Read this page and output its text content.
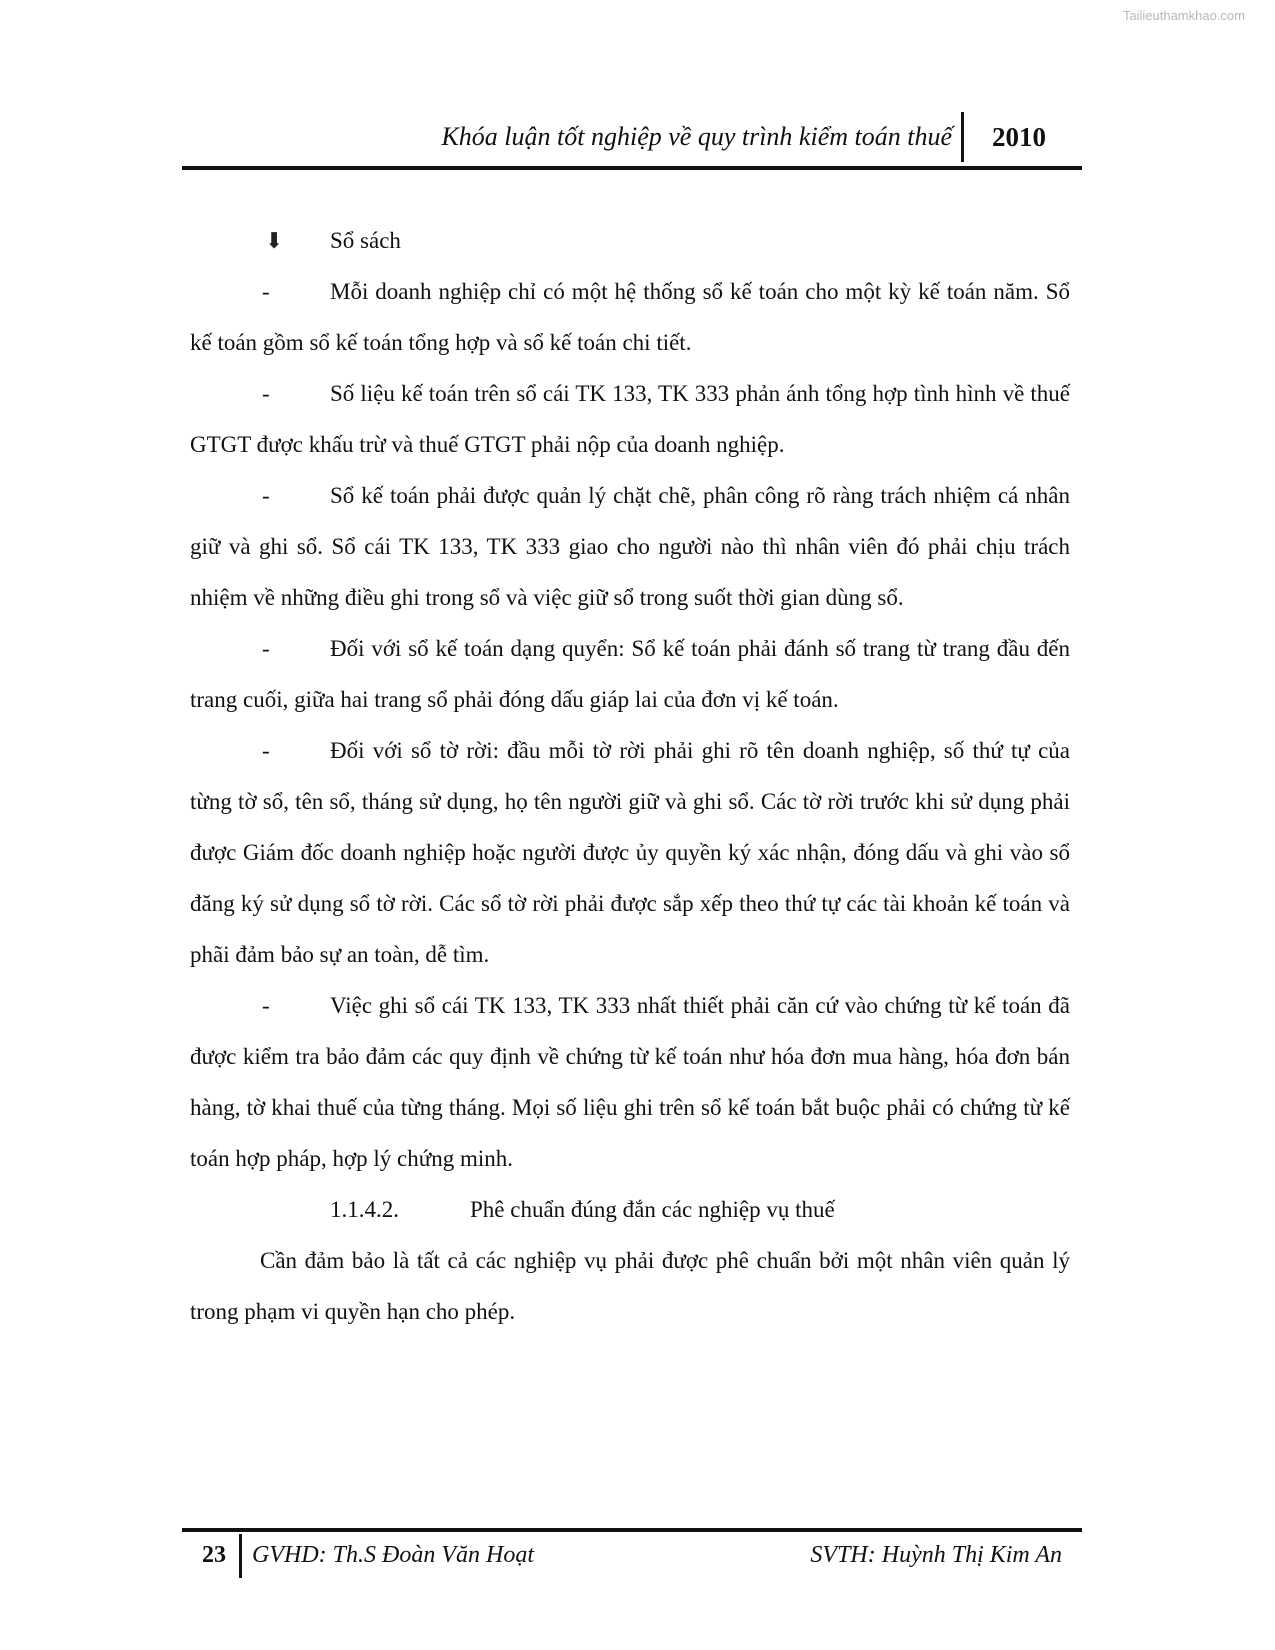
Tailieuthamkhao.com
Khóa luận tốt nghiệp về quy trình kiểm toán thuế 2010

⬇ Sổ sách

-	Mỗi doanh nghiệp chỉ có một hệ thống sổ kế toán cho một kỳ kế toán năm. Sổ kế toán gồm sổ kế toán tổng hợp và sổ kế toán chi tiết.

-	Số liệu kế toán trên sổ cái TK 133, TK 333 phản ánh tổng hợp tình hình về thuế GTGT được khấu trừ và thuế GTGT phải nộp của doanh nghiệp.

-	Sổ kế toán phải được quản lý chặt chẽ, phân công rõ ràng trách nhiệm cá nhân giữ và ghi sổ. Sổ cái TK 133, TK 333 giao cho người nào thì nhân viên đó phải chịu trách nhiệm về những điều ghi trong sổ và việc giữ sổ trong suốt thời gian dùng sổ.

-	Đối với sổ kế toán dạng quyển: Sổ kế toán phải đánh số trang từ trang đầu đến trang cuối, giữa hai trang sổ phải đóng dấu giáp lai của đơn vị kế toán.

-	Đối với sổ tờ rời: đầu mỗi tờ rời phải ghi rõ tên doanh nghiệp, số thứ tự của từng tờ sổ, tên sổ, tháng sử dụng, họ tên người giữ và ghi sổ. Các tờ rời trước khi sử dụng phải được Giám đốc doanh nghiệp hoặc người được ủy quyền ký xác nhận, đóng dấu và ghi vào sổ đăng ký sử dụng sổ tờ rời. Các sổ tờ rời phải được sắp xếp theo thứ tự các tài khoản kế toán và phãi đảm bảo sự an toàn, dễ tìm.

-	Việc ghi sổ cái TK 133, TK 333 nhất thiết phải căn cứ vào chứng từ kế toán đã được kiểm tra bảo đảm các quy định về chứng từ kế toán như hóa đơn mua hàng, hóa đơn bán hàng, tờ khai thuế của từng tháng. Mọi số liệu ghi trên sổ kế toán bắt buộc phải có chứng từ kế toán hợp pháp, hợp lý chứng minh.

1.1.4.2.	Phê chuẩn đúng đắn các nghiệp vụ thuế

Cần đảm bảo là tất cả các nghiệp vụ phải được phê chuẩn bởi một nhân viên quản lý trong phạm vi quyền hạn cho phép.

23 GVHD: Th.S Đoàn Văn Hoạt	SVTH: Huỳnh Thị Kim An
